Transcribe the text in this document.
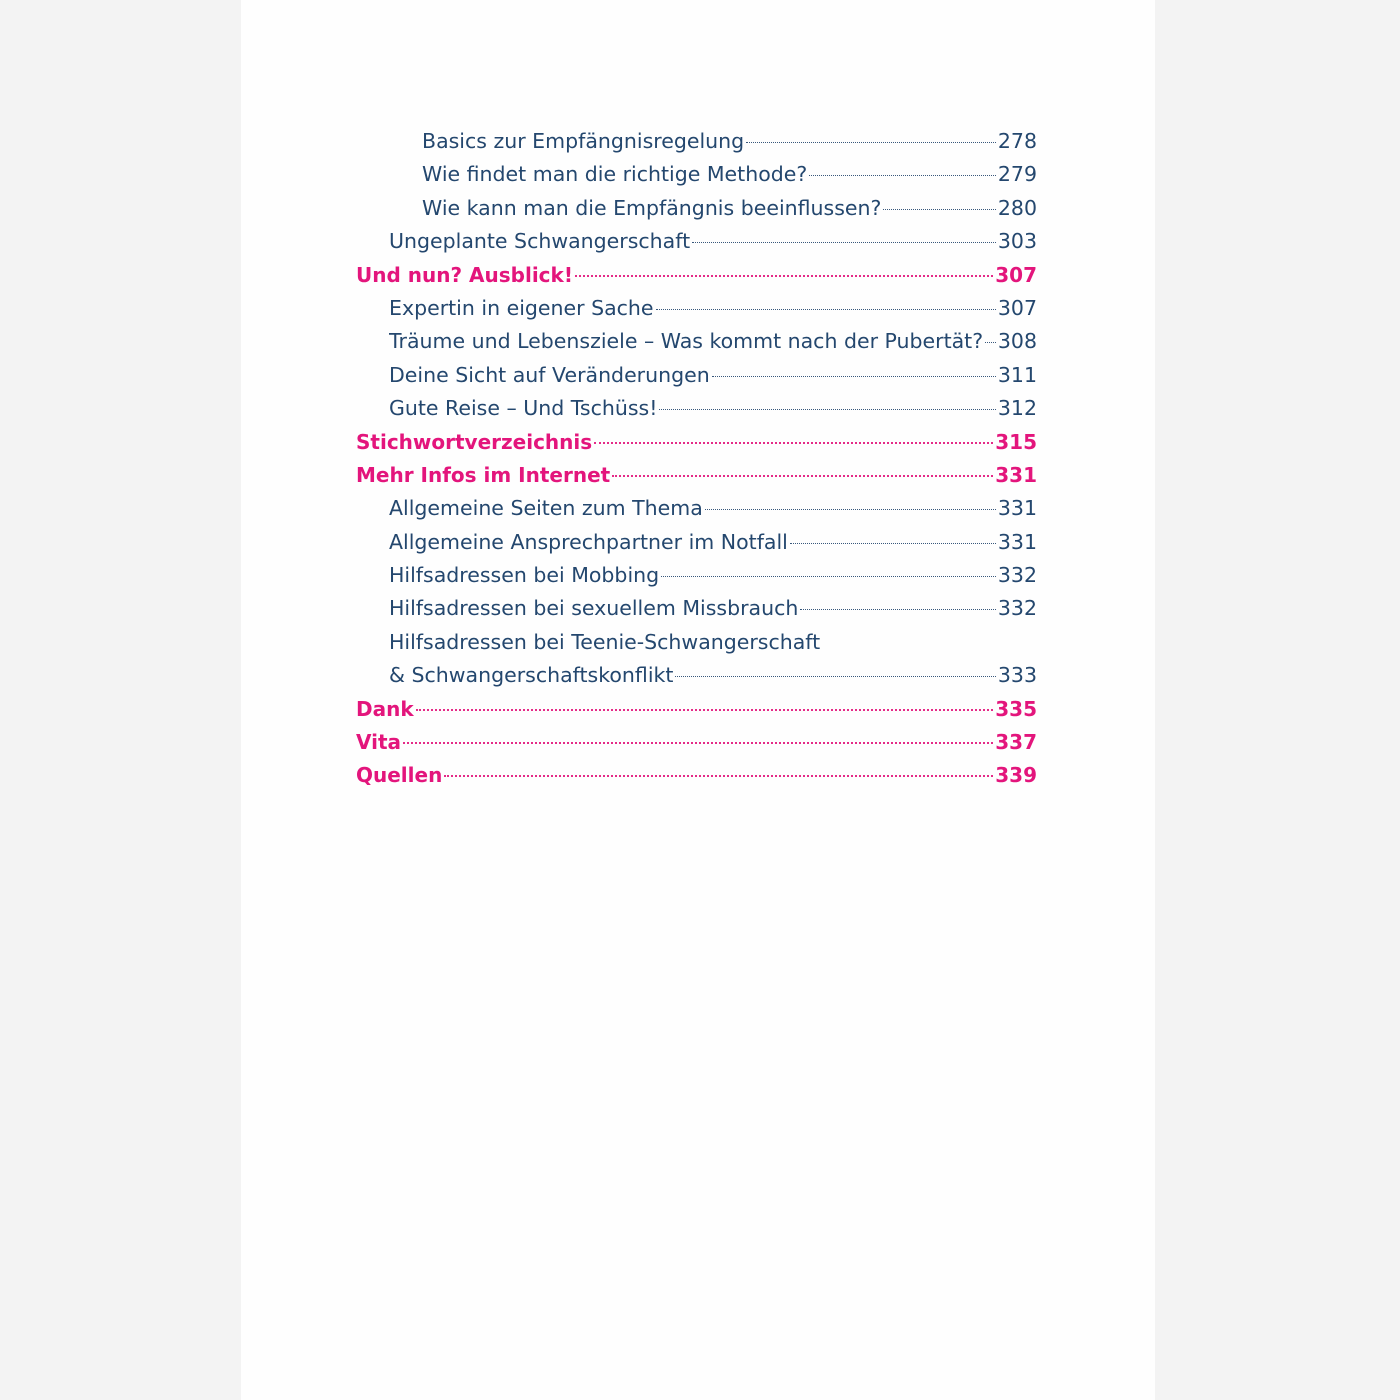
Basics zur Empfängnisregelung	278
Wie findet man die richtige Methode?	279
Wie kann man die Empfängnis beeinflussen?	280
Ungeplante Schwangerschaft	303
Und nun? Ausblick!	307
Expertin in eigener Sache	307
Träume und Lebensziele – Was kommt nach der Pubertät? 308
Deine Sicht auf Veränderungen	311
Gute Reise – Und Tschüss!	312
Stichwortverzeichnis	315
Mehr Infos im Internet	331
Allgemeine Seiten zum Thema	331
Allgemeine Ansprechpartner im Notfall	331
Hilfsadressen bei Mobbing	332
Hilfsadressen bei sexuellem Missbrauch	332
Hilfsadressen bei Teenie-Schwangerschaft
& Schwangerschaftskonflikt	333
Dank	335
Vita	337
Quellen	339
